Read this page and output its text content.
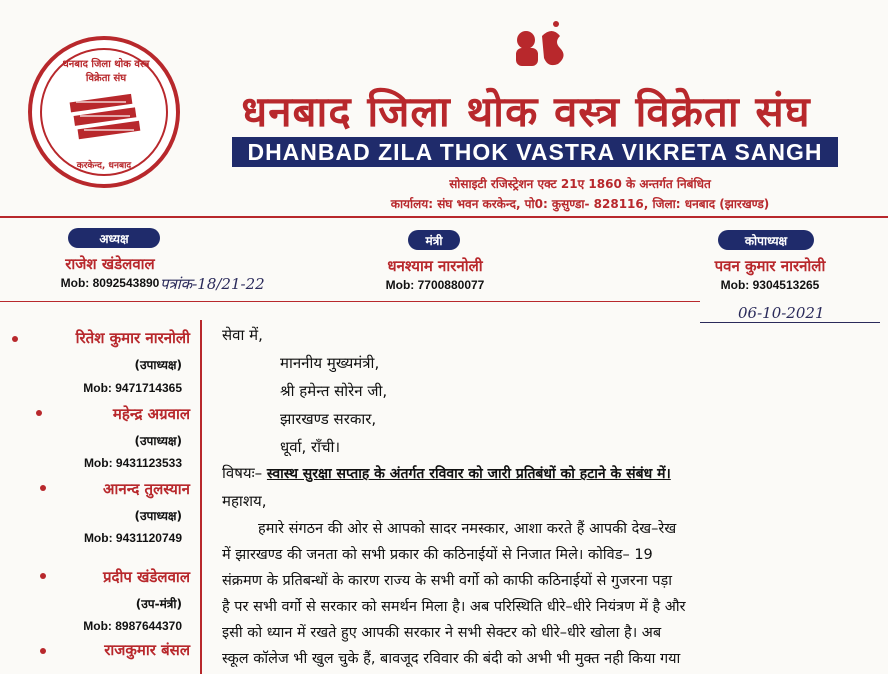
धनबाद जिला थोक वस्त्र विक्रेता संघ
करकेन्द, धनबाद
धनबाद जिला थोक वस्त्र विक्रेता संघ
DHANBAD ZILA THOK VASTRA VIKRETA SANGH
सोसाइटी रजिस्ट्रेशन एक्ट 21ए 1860 के अन्तर्गत निबंधित
कार्यालय: संघ भवन करकेन्द, पो0: कुसुण्डा- 828116, जिला: धनबाद (झारखण्ड)
अध्यक्ष
राजेश खंडेलवाल
Mob: 8092543890
मंत्री
धनश्याम नारनोली
Mob: 7700880077
कोपाध्यक्ष
पवन कुमार नारनोली
Mob: 9304513265
पत्रांक-18/21-22
06-10-2021
रितेश कुमार नारनोली
(उपाध्यक्ष)
Mob: 9471714365
महेन्द्र अग्रवाल
(उपाध्यक्ष)
Mob: 9431123533
आनन्द तुलस्यान
(उपाध्यक्ष)
Mob: 9431120749
प्रदीप खंडेलवाल
(उप-मंत्री)
Mob: 8987644370
राजकुमार बंसल
सेवा में,
माननीय मुख्यमंत्री,
श्री हमेन्त सोरेन जी,
झारखण्ड सरकार,
धूर्वा, राँची।
विषयः– स्वास्थ सुरक्षा सप्ताह के अंतर्गत रविवार को जारी प्रतिबंधों को हटाने के संबंध में।
महाशय,
हमारे संगठन की ओर से आपको सादर नमस्कार, आशा करते हैं आपकी देख–रेख
में झारखण्ड की जनता को सभी प्रकार की कठिनाईयों से निजात मिले। कोविड– 19
संक्रमण के प्रतिबन्धों के कारण राज्य के सभी वर्गो को काफी कठिनाईयों से गुजरना पड़ा
है पर सभी वर्गो से सरकार को समर्थन मिला है। अब परिस्थिति धीरे–धीरे नियंत्रण में है और
इसी को ध्यान में रखते हुए आपकी सरकार ने सभी सेक्टर को धीरे–धीरे खोला है। अब
स्कूल कॉलेज भी खुल चुके हैं, बावजूद रविवार की बंदी को अभी भी मुक्त नही किया गया
